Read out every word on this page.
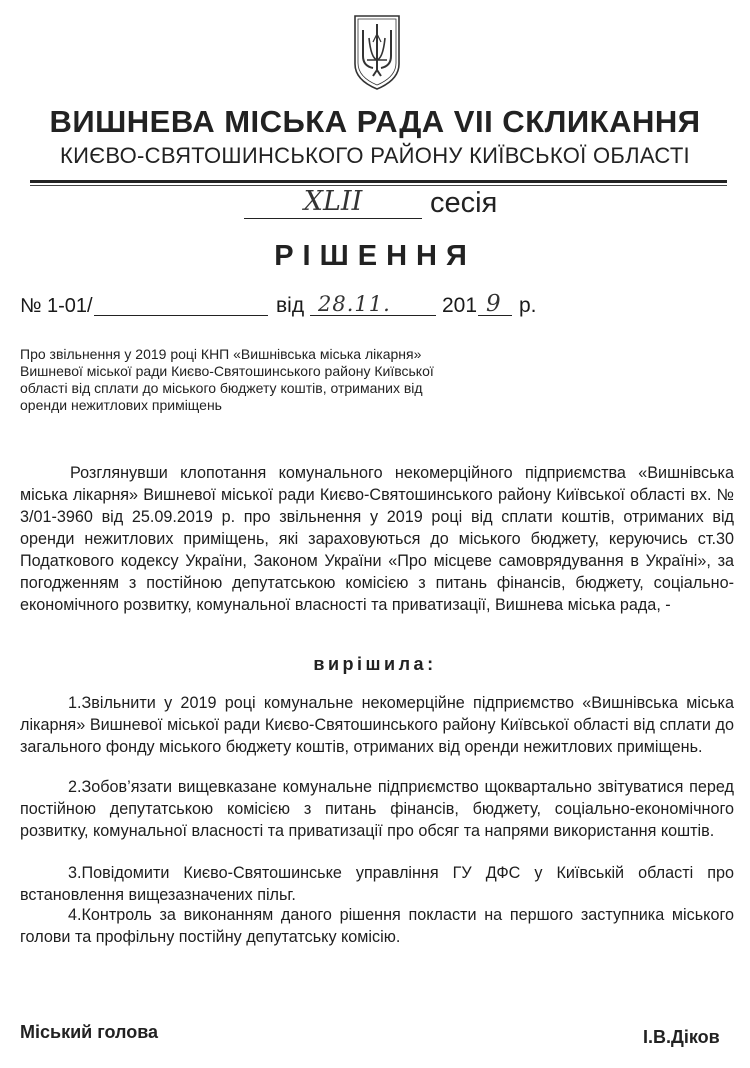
ВИШНЕВА МІСЬКА РАДА VII СКЛИКАННЯ
КИЄВО-СВЯТОШИНСЬКОГО РАЙОНУ КИЇВСЬКОЇ ОБЛАСТІ
XLII	сесія
РІШЕННЯ
№ 1-01/	від 28.11. 201 9 р.
Про звільнення у 2019 році КНП «Вишнівська міська лікарня» Вишневої міської ради Києво-Святошинського району Київської області від сплати до міського бюджету коштів, отриманих від оренди нежитлових приміщень
Розглянувши клопотання комунального некомерційного підприємства «Вишнівська міська лікарня» Вишневої міської ради Києво-Святошинського району Київської області вх. № 3/01-3960 від 25.09.2019 р. про звільнення у 2019 році від сплати коштів, отриманих від оренди нежитлових приміщень, які зараховуються до міського бюджету, керуючись ст.30 Податкового кодексу України, Законом України «Про місцеве самоврядування в Україні», за погодженням з постійною депутатською комісією з питань фінансів, бюджету, соціально-економічного розвитку, комунальної власності та приватизації, Вишнева міська рада, -
вирішила:
1.Звільнити у 2019 році комунальне некомерційне підприємство «Вишнівська міська лікарня» Вишневої міської ради Києво-Святошинського району Київської області від сплати до загального фонду міського бюджету коштів, отриманих від оренди нежитлових приміщень.
2.Зобов’язати вищевказане комунальне підприємство щоквартально звітуватися перед постійною депутатською комісією з питань фінансів, бюджету, соціально-економічного розвитку, комунальної власності та приватизації про обсяг та напрями використання коштів.
3.Повідомити Києво-Святошинське управління ГУ ДФС у Київській області про встановлення вищезазначених пільг.
4.Контроль за виконанням даного рішення покласти на першого заступника міського голови та профільну постійну депутатську комісію.
Міський голова	І.В.Діков
